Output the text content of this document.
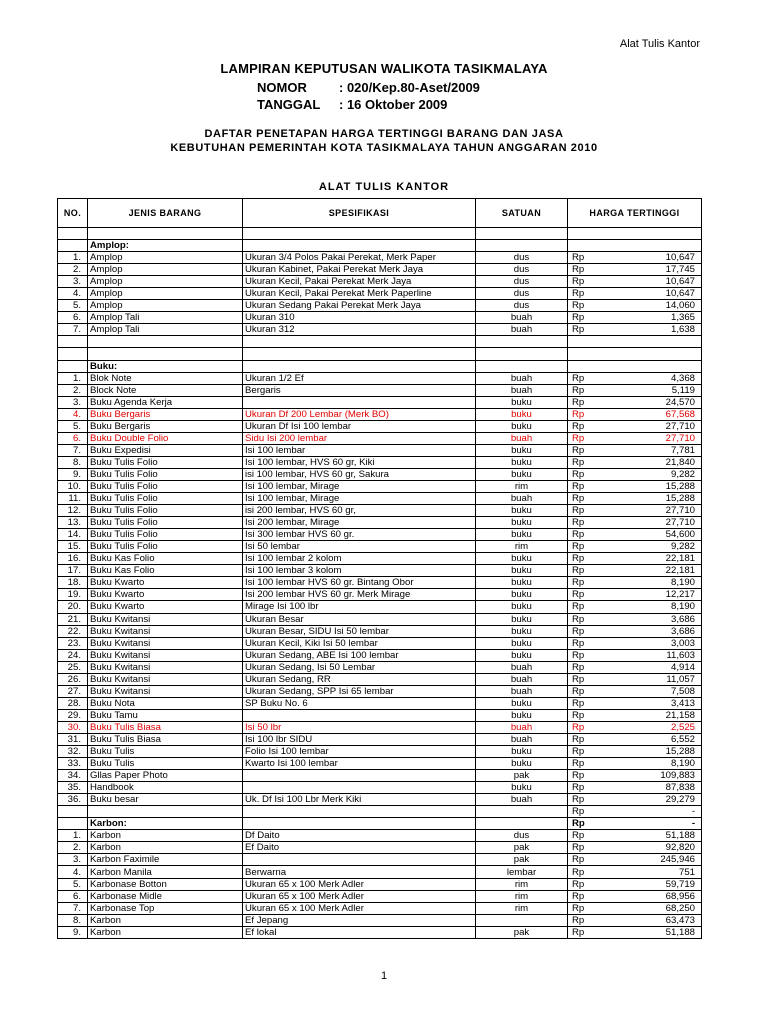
Alat Tulis Kantor
LAMPIRAN KEPUTUSAN WALIKOTA TASIKMALAYA
NOMOR : 020/Kep.80-Aset/2009
TANGGAL : 16 Oktober 2009
DAFTAR PENETAPAN HARGA TERTINGGI BARANG DAN JASA
KEBUTUHAN PEMERINTAH KOTA TASIKMALAYA TAHUN ANGGARAN 2010
ALAT TULIS KANTOR
NO.	JENIS BARANG	SPESIFIKASI	SATUAN	HARGA TERTINGGI	

	Amplop:				
1.	Amplop	Ukuran 3/4 Polos Pakai Perekat, Merk Paper	dus	Rp	10,647
2.	Amplop	Ukuran Kabinet, Pakai Perekat Merk Jaya	dus	Rp	17,745
3.	Amplop	Ukuran Kecil, Pakai Perekat Merk Jaya	dus	Rp	10,647
4.	Amplop	Ukuran Kecil, Pakai Perekat Merk Paperline	dus	Rp	10,647
5.	Amplop	Ukuran Sedang Pakai Perekat Merk Jaya	dus	Rp	14,060
6.	Amplop Tali	Ukuran 310	buah	Rp	1,365
7.	Amplop Tali	Ukuran 312	buah	Rp	1,638

	Buku:				
1.	Blok Note	Ukuran 1/2 Ef	buah	Rp	4,368
2.	Block Note	Bergaris	buah	Rp	5,119
3.	Buku Agenda Kerja		buku	Rp	24,570
4.	Buku Bergaris	Ukuran Df 200 Lembar (Merk BO)	buku	Rp	67,568
5.	Buku Bergaris	Ukuran Df Isi 100 lembar	buku	Rp	27,710
6.	Buku Double Folio	Sidu Isi 200 lembar	buah	Rp	27,710
7.	Buku Expedisi	Isi 100 lembar	buku	Rp	7,781
8.	Buku Tulis Folio	Isi 100 lembar, HVS 60 gr, Kiki	buku	Rp	21,840
9.	Buku Tulis Folio	isi 100 lembar, HVS 60 gr, Sakura	buku	Rp	9,282
10.	Buku Tulis Folio	Isi 100 lembar, Mirage	rim	Rp	15,288
11.	Buku Tulis Folio	Isi 100 lembar, Mirage	buah	Rp	15,288
12.	Buku Tulis Folio	isi 200 lembar, HVS 60 gr,	buku	Rp	27,710
13.	Buku Tulis Folio	Isi 200 lembar, Mirage	buku	Rp	27,710
14.	Buku Tulis Folio	Isi 300 lembar HVS 60 gr.	buku	Rp	54,600
15.	Buku Tulis Folio	Isi 50 lembar	rim	Rp	9,282
16.	Buku Kas Folio	Isi 100 lembar 2 kolom	buku	Rp	22,181
17.	Buku Kas Folio	Isi 100 lembar 3 kolom	buku	Rp	22,181
18.	Buku Kwarto	Isi 100 lembar HVS 60 gr. Bintang Obor	buku	Rp	8,190
19.	Buku Kwarto	Isi 200 lembar HVS 60 gr. Merk Mirage	buku	Rp	12,217
20.	Buku Kwarto	Mirage Isi 100 lbr	buku	Rp	8,190
21.	Buku Kwitansi	Ukuran Besar	buku	Rp	3,686
22.	Buku Kwitansi	Ukuran Besar, SIDU Isi 50 lembar	buku	Rp	3,686
23.	Buku Kwitansi	Ukuran Kecil, Kiki Isi 50 lembar	buku	Rp	3,003
24.	Buku Kwitansi	Ukuran Sedang, ABE Isi 100 lembar	buku	Rp	11,603
25.	Buku Kwitansi	Ukuran Sedang, Isi 50 Lembar	buah	Rp	4,914
26.	Buku Kwitansi	Ukuran Sedang, RR	buah	Rp	11,057
27.	Buku Kwitansi	Ukuran Sedang, SPP Isi 65 lembar	buah	Rp	7,508
28.	Buku Nota	SP Buku No. 6	buku	Rp	3,413
29.	Buku Tamu		buku	Rp	21,158
30.	Buku Tulis Biasa	Isi 50 lbr	buah	Rp	2,525
31.	Buku Tulis Biasa	Isi 100 lbr SIDU	buah	Rp	6,552
32.	Buku Tulis	Folio Isi 100 lembar	buku	Rp	15,288
33.	Buku Tulis	Kwarto Isi 100 lembar	buku	Rp	8,190
34.	Gllas Paper Photo		pak	Rp	109,883
35.	Handbook		buku	Rp	87,838
36.	Buku besar	Uk. Df Isi 100 Lbr Merk Kiki	buah	Rp	29,279
				Rp	-
	Karbon:			Rp	-
1.	Karbon	Df Daito	dus	Rp	51,188
2.	Karbon	Ef Daito	pak	Rp	92,820
3.	Karbon Faximile		pak	Rp	245,946
4.	Karbon Manila	Berwarna	lembar	Rp	751
5.	Karbonase Botton	Ukuran 65 x 100 Merk Adler	rim	Rp	59,719
6.	Karbonase Midle	Ukuran 65 x 100 Merk Adler	rim	Rp	68,956
7.	Karbonase Top	Ukuran 65 x 100 Merk Adler	rim	Rp	68,250
8.	Karbon	Ef Jepang		Rp	63,473
9.	Karbon	Ef lokal	pak	Rp	51,188
1
